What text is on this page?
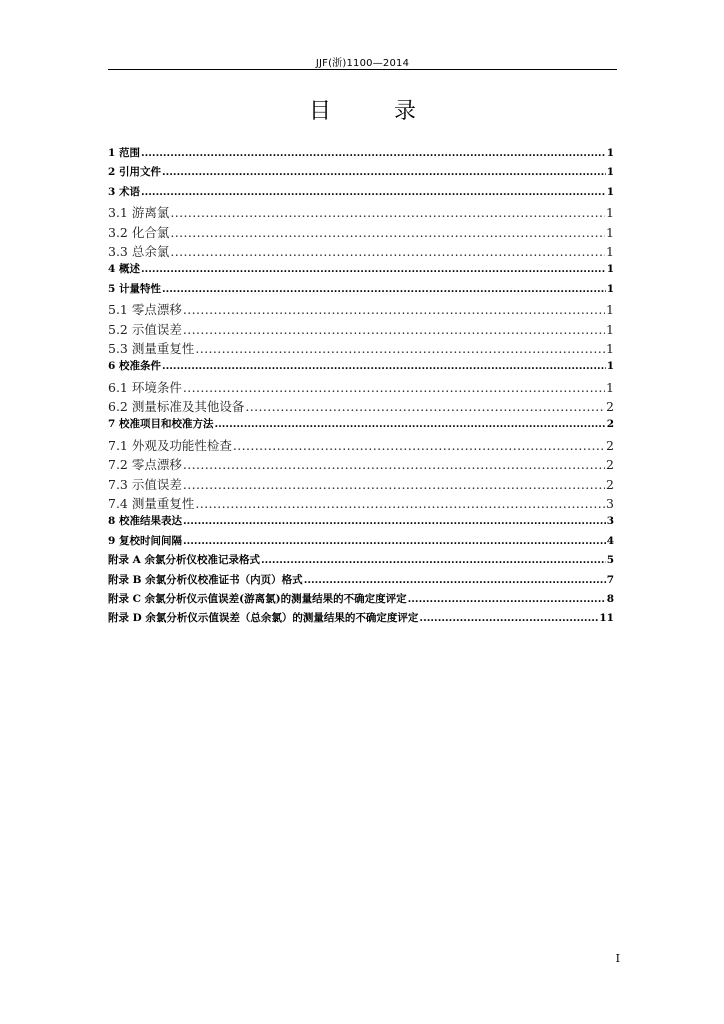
JJF(浙)1100—2014
目 录
1 范围 .....	1
2 引用文件 .....	1
3 术语 .....	1
3.1 游离氯 .....	1
3.2 化合氯 .....	1
3.3 总余氯 .....	1
4 概述 .....	1
5 计量特性 .....	1
5.1 零点漂移 .....	1
5.2 示值误差 .....	1
5.3 测量重复性 .....	1
6 校准条件 .....	1
6.1 环境条件 .....	1
6.2 测量标准及其他设备 .....	2
7 校准项目和校准方法 .....	2
7.1 外观及功能性检查 .....	2
7.2 零点漂移 .....	2
7.3 示值误差 .....	2
7.4 测量重复性 .....	3
8 校准结果表达 .....	3
9 复校时间间隔 .....	4
附录 A 余氯分析仪校准记录格式 .....	5
附录 B 余氯分析仪校准证书（内页）格式 .....	7
附录 C 余氯分析仪示值误差(游离氯)的测量结果的不确定度评定 .....	8
附录 D 余氯分析仪示值误差（总余氯）的测量结果的不确定度评定 .....	11
I
